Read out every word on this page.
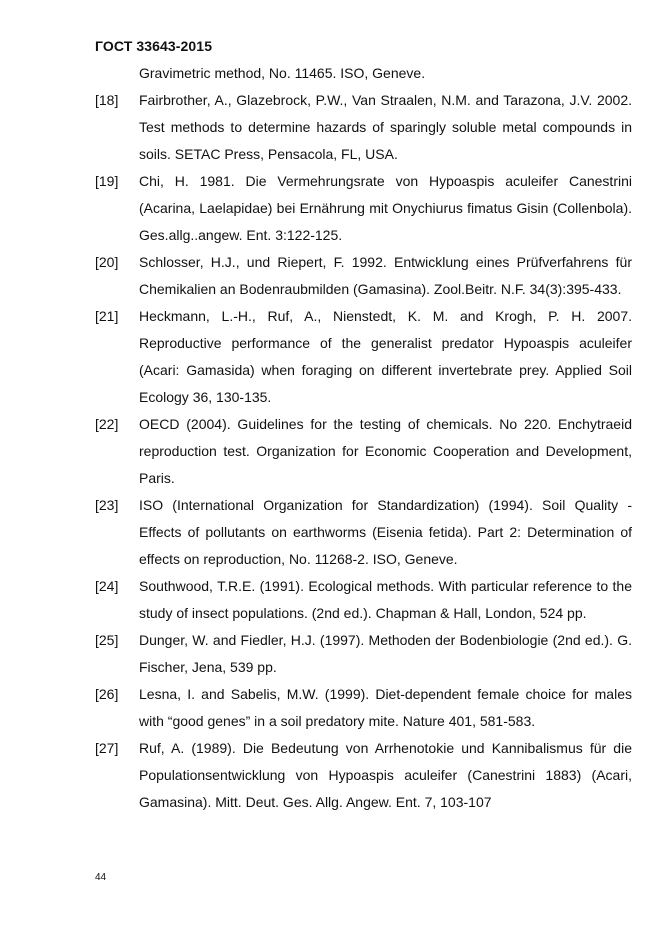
ГОСТ 33643-2015
Gravimetric method, No. 11465. ISO, Geneve.
[18]	Fairbrother, A., Glazebrock, P.W., Van Straalen, N.M. and Tarazona, J.V. 2002. Test methods to determine hazards of sparingly soluble metal compounds in soils. SETAC Press, Pensacola, FL, USA.
[19]	Chi, H. 1981. Die Vermehrungsrate von Hypoaspis aculeifer Canestrini (Acarina, Laelapidae) bei Ernährung mit Onychiurus fimatus Gisin (Collenbola). Ges.allg..angew. Ent. 3:122-125.
[20]	Schlosser, H.J., und Riepert, F. 1992. Entwicklung eines Prüfverfahrens für Chemikalien an Bodenraubmilden (Gamasina). Zool.Beitr. N.F. 34(3):395-433.
[21]	Heckmann, L.-H., Ruf, A., Nienstedt, K. M. and Krogh, P. H. 2007. Reproductive performance of the generalist predator Hypoaspis aculeifer (Acari: Gamasida) when foraging on different invertebrate prey. Applied Soil Ecology 36, 130-135.
[22]	OECD (2004). Guidelines for the testing of chemicals. No 220. Enchytraeid reproduction test. Organization for Economic Cooperation and Development, Paris.
[23]	ISO (International Organization for Standardization) (1994). Soil Quality - Effects of pollutants on earthworms (Eisenia fetida). Part 2: Determination of effects on reproduction, No. 11268-2. ISO, Geneve.
[24]	Southwood, T.R.E. (1991). Ecological methods. With particular reference to the study of insect populations. (2nd ed.). Chapman & Hall, London, 524 pp.
[25]	Dunger, W. and Fiedler, H.J. (1997). Methoden der Bodenbiologie (2nd ed.). G. Fischer, Jena, 539 pp.
[26]	Lesna, I. and Sabelis, M.W. (1999). Diet-dependent female choice for males with “good genes” in a soil predatory mite. Nature 401, 581-583.
[27]	Ruf, A. (1989). Die Bedeutung von Arrhenotokie und Kannibalismus für die Populationsentwicklung von Hypoaspis aculeifer (Canestrini 1883) (Acari, Gamasina). Mitt. Deut. Ges. Allg. Angew. Ent. 7, 103-107
44
